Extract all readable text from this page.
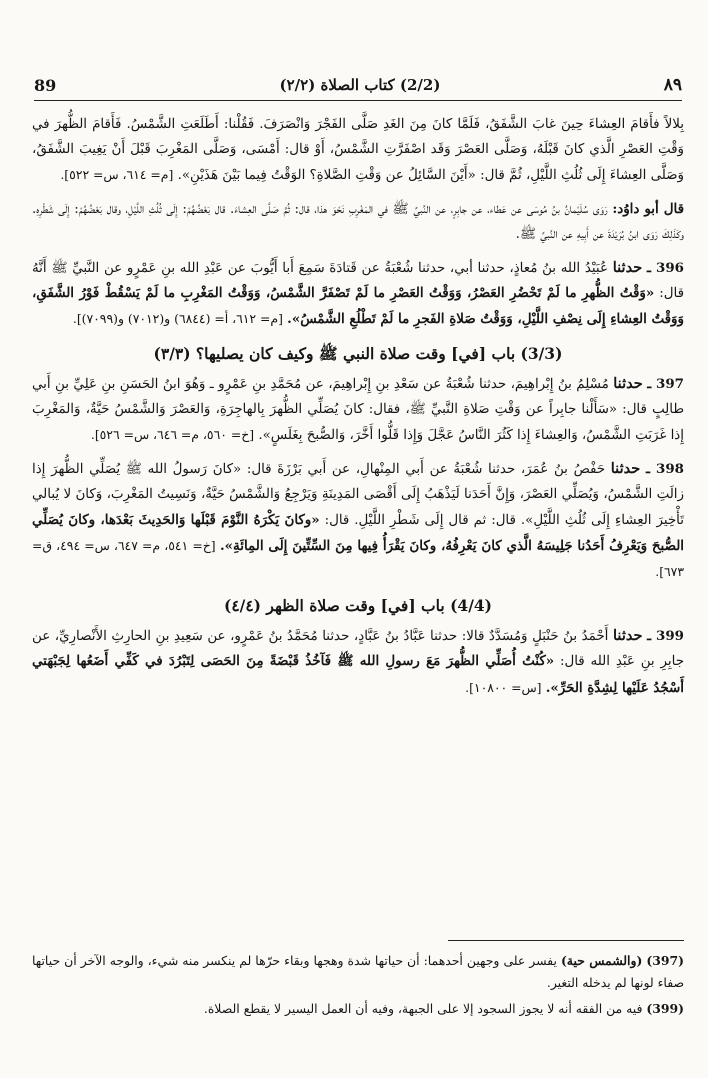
89	(2/2) كتاب الصلاة (٢/٢)	٨٩

بِلالاً فأَقامَ العِشاءَ حِينَ غابَ الشَّفَقُ، فَلَمَّا كانَ مِنَ الغَدِ صَلَّى الفَجْرَ وَانْصَرَفَ. فَقُلْنا: أَطَلَعَتِ الشَّمْسُ. فَأَقامَ الظُّهرَ في وَقْتِ العَصْرِ الَّذي كانَ قَبْلَهُ، وَصَلَّى العَصْرَ وَقَد اصْفَرَّتِ الشَّمْسُ، أَوْ قال: أَمْسَى، وَصَلَّى المَغْرِبَ قَبْلَ أَنْ يَغِيبَ الشَّفَقُ، وَصَلَّى العِشاءَ إِلَى ثُلُثِ اللَّيْلِ، ثُمَّ قال: «أَيْنَ السَّائِلُ عن وَقْتِ الصَّلاةِ؟ الوَقْتُ فِيما بَيْنَ هَذَيْنِ». [م= ٦١٤، س= ٥٢٢].

قال أبو داوُد: رَوَى سُلَيْمانُ بنُ مُوسَى عن عَطاء، عن جابِرٍ، عن النَّبيِّ ﷺ في المَغْرِبِ نَحْوَ هذا، قال: ثُمَّ صَلَّى العِشاءَ. قال بَعْضُهُمْ: إِلَى ثُلُثِ اللَّيْلِ، وقال بَعْضُهُمْ: إِلَى شَطْرِهِ. وكَذَلِكَ رَوَى ابنُ بُرَيْدَةَ عن أَبِيهِ عن النَّبيِّ ﷺ.

396 ـ حدثنا عُبَيْدُ الله بنُ مُعاذٍ، حدثنا أبي، حدثنا شُعْبَةُ عن قَتادَةَ سَمِعَ أَبا أَيُّوبَ عن عَبْدِ الله بنِ عَمْرٍو عن النَّبيِّ ﷺ أَنَّهُ قال: «وَقْتُ الظُّهرِ ما لَمْ تَحْضُرِ العَصْرُ، وَوَقْتُ العَصْرِ ما لَمْ تَصْفَرَّ الشَّمْسُ، وَوَقْتُ المَغْرِبِ ما لَمْ يَسْقُطْ فَوْرُ الشَّفَقِ، وَوَقْتُ العِشاءِ إِلَى نِصْفِ اللَّيْلِ، وَوَقْتُ صَلاةِ الفَجرِ ما لَمْ تَطْلُعِ الشَّمْسُ». [م= ٦١٢، أ= (٦٨٤٤) و(٧٠١٢) و(٧٠٩٩)].

(3/3) باب [في] وقت صلاة النبي ﷺ وكيف كان يصليها؟ (٣/٣)

397 ـ حدثنا مُسْلِمُ بنُ إِبْراهِيمَ، حدثنا شُعْبَةُ عن سَعْدِ بنِ إِبْراهِيمَ، عن مُحَمَّدِ بنِ عَمْرٍو ـ وَهُوَ ابنُ الحَسَنِ بنِ عَلِيِّ بنِ أَبي طالِبٍ قال: «سَأَلْنا جابِراً عن وَقْتِ صَلاةِ النَّبيِّ ﷺ، فقال: كانَ يُصَلِّي الظُّهرَ بِالهاجِرَةِ، وَالعَصْرَ وَالشَّمْسُ حَيَّةٌ، وَالمَغْرِبَ إِذا غَرَبَتِ الشَّمْسُ، وَالعِشاءَ إِذا كَثُرَ النَّاسُ عَجَّلَ وَإِذا قَلُّوا أَخَّرَ، وَالصُّبحَ بِغَلَسٍ». [خ= ٥٦٠، م= ٦٤٦، س= ٥٢٦].

398 ـ حدثنا حَفْصُ بنُ عُمَرَ، حدثنا شُعْبَةُ عن أَبي المِنْهالِ، عن أَبي بَرْزَةَ قال: «كانَ رَسولُ الله ﷺ يُصَلِّي الظُّهرَ إِذا زالَتِ الشَّمْسُ، وَيُصَلِّي العَصْرَ، وَإِنَّ أَحَدَنا لَيَذْهَبُ إِلَى أَقْصَى المَدِينَةِ وَيَرْجِعُ وَالشَّمْسُ حَيَّةٌ، وَنَسِيتُ المَغْرِبَ، وَكانَ لا يُبالي تَأْخِيرَ العِشاءِ إِلَى ثُلُثِ اللَّيْلِ». قال: ثم قال إِلَى شَطْرِ اللَّيْلِ. قال: «وكانَ يَكْرَهُ النَّوْمَ قَبْلَها وَالحَدِيثَ بَعْدَها، وكانَ يُصَلِّي الصُّبحَ وَيَعْرِفُ أَحَدُنا جَلِيسَهُ الَّذي كانَ يَعْرِفُهُ، وكانَ يَقْرَأُ فِيها مِنَ السِّتِّينَ إِلَى المِائَةِ». [خ= ٥٤١، م= ٦٤٧، س= ٤٩٤، ق= ٦٧٣].

(4/4) باب [في] وقت صلاة الظهر (٤/٤)

399 ـ حدثنا أَحْمَدُ بنُ حَنْبَلٍ وَمُسَدَّدٌ قالا: حدثنا عَبَّادُ بنُ عَبَّادٍ، حدثنا مُحَمَّدُ بنُ عَمْرٍو، عن سَعِيدِ بنِ الحارِثِ الأَنْصارِيِّ، عن جابِرِ بنِ عَبْدِ الله قال: «كُنْتُ أُصَلِّي الظُّهرَ مَعَ رسولِ الله ﷺ فَآخُذُ قَبْضَةً مِنَ الحَصَى لِتَبْرُدَ في كَفِّي أَضَعُها لِجَبْهَتي أَسْجُدُ عَلَيْها لِشِدَّةِ الحَرِّ». [س= ١٠٨٠٠].

(397) (والشمس حية) يفسر على وجهين أحدهما: أن حياتها شدة وهجها وبقاء حرّها لم ينكسر منه شيء، والوجه الآخر أن حياتها صفاء لونها لم يدخله التغير.

(399) فيه من الفقه أنه لا يجوز السجود إلا على الجبهة، وفيه أن العمل اليسير لا يقطع الصلاة.
